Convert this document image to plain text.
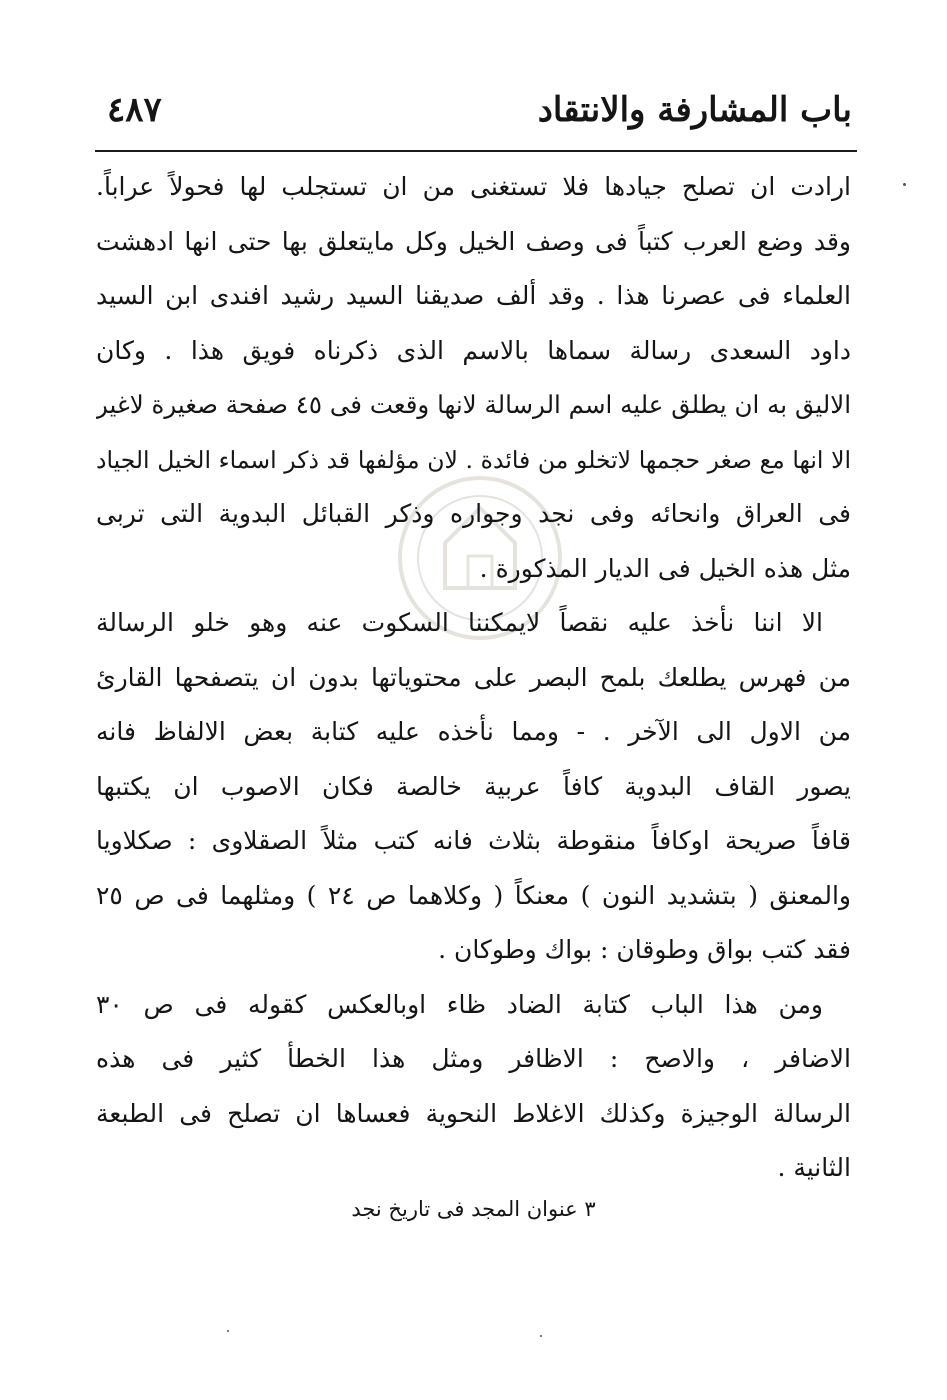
باب المشارفة والانتقاد
٤٨٧
ارادت ان تصلح جيادها فلا تستغنى من ان تستجلب لها فحولاً عراباً.
وقد وضع العرب كتباً فى وصف الخيل وكل مايتعلق بها حتى انها ادهشت
العلماء فى عصرنا هذا . وقد ألف صديقنا السيد رشيد افندى ابن السيد
داود السعدى رسالة سماها بالاسم الذى ذكرناه فويق هذا . وكان
الاليق به ان يطلق عليه اسم الرسالة لانها وقعت فى ٤٥ صفحة صغيرة لاغير
الا انها مع صغر حجمها لاتخلو من فائدة . لان مؤلفها قد ذكر اسماء الخيل الجياد
فى العراق وانحائه وفى نجد وجواره وذكر القبائل البدوية التى تربى
مثل هذه الخيل فى الديار المذكورة .
الا اننا نأخذ عليه نقصاً لايمكننا السكوت عنه وهو خلو الرسالة
من فهرس يطلعك بلمح البصر على محتوياتها بدون ان يتصفحها القارئ
من الاول الى الآخر . - ومما نأخذه عليه كتابة بعض الالفاظ فانه
يصور القاف البدوية كافاً عربية خالصة فكان الاصوب ان يكتبها
قافاً صريحة اوكافاً منقوطة بثلاث فانه كتب مثلاً الصقلاوى : صكلاويا
والمعنق ( بتشديد النون ) معنكاً ( وكلاهما ص ٢٤ ) ومثلهما فى ص ٢٥
فقد كتب بواق وطوقان : بواك وطوكان .
ومن هذا الباب كتابة الضاد ظاء اوبالعكس كقوله فى ص ٣٠
الاضافر ، والاصح : الاظافر ومثل هذا الخطأ كثير فى هذه
الرسالة الوجيزة وكذلك الاغلاط النحوية فعساها ان تصلح فى الطبعة
الثانية .
٣ عنوان المجد فى تاريخ نجد
